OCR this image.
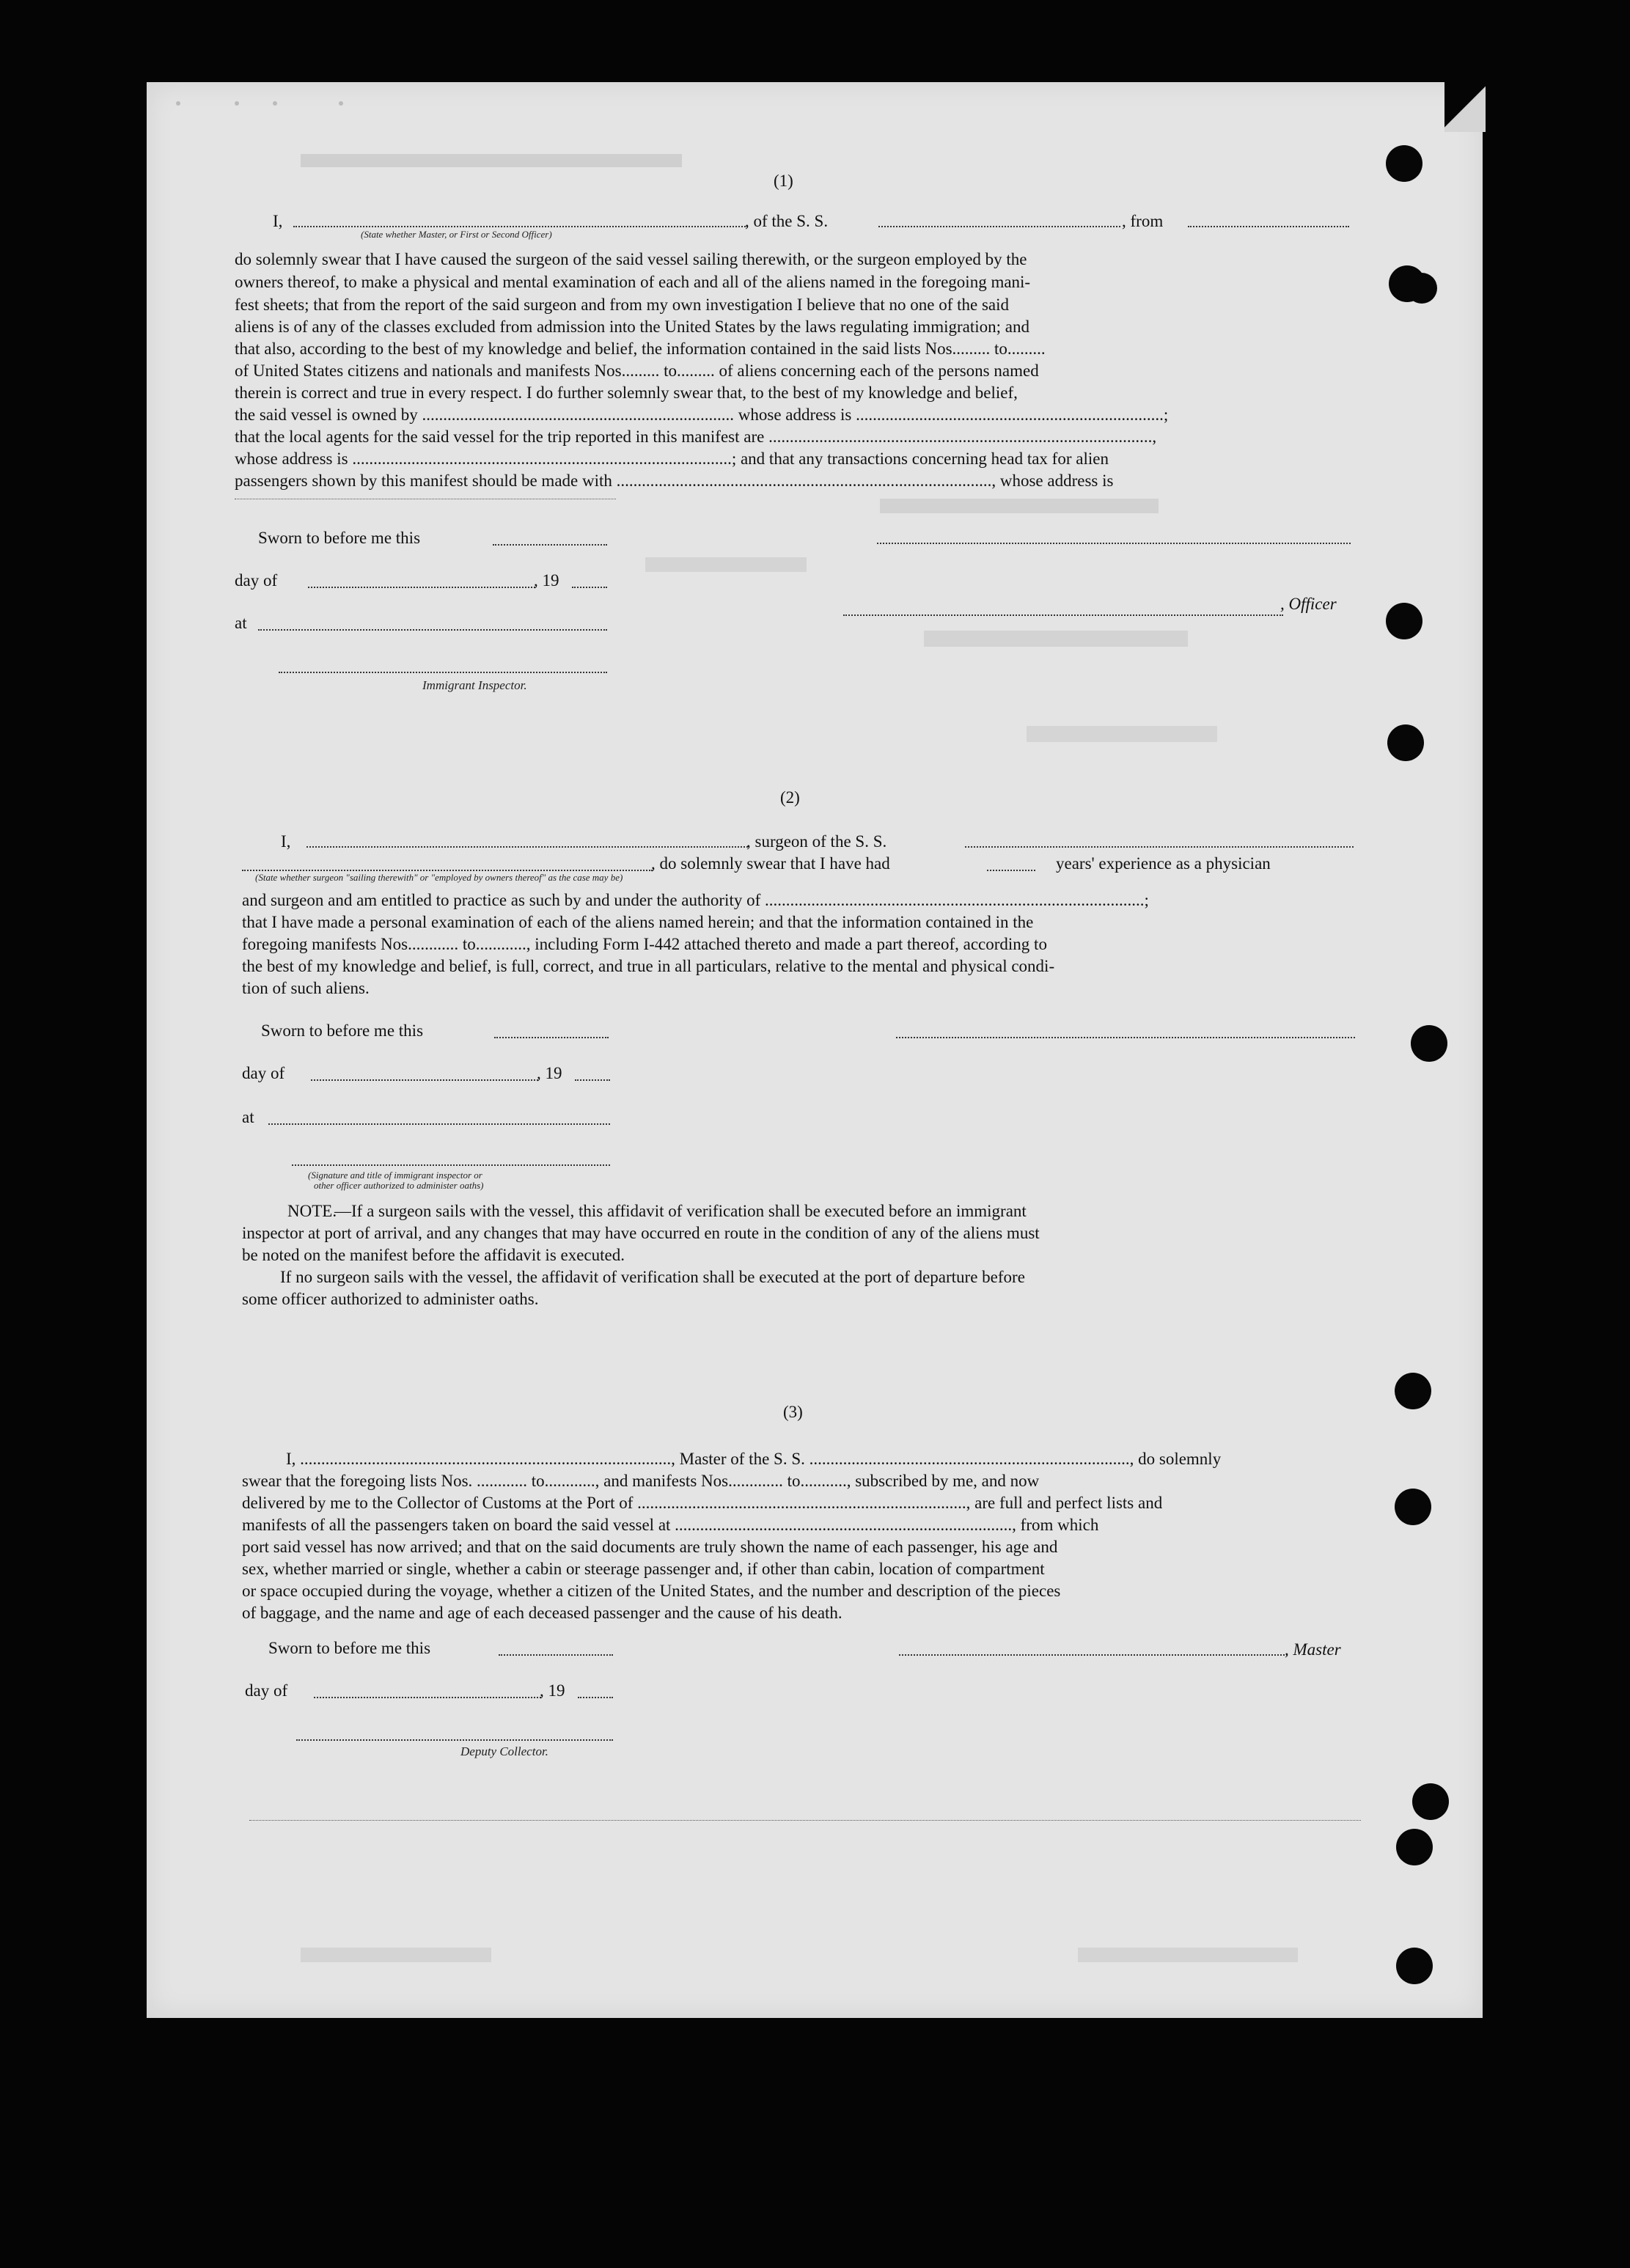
(1)
I,	, of the S. S.	, from
(State whether Master, or First or Second Officer)
do solemnly swear that I have caused the surgeon of the said vessel sailing therewith, or the surgeon employed by the
owners thereof, to make a physical and mental examination of each and all of the aliens named in the foregoing mani-
fest sheets; that from the report of the said surgeon and from my own investigation I believe that no one of the said
aliens is of any of the classes excluded from admission into the United States by the laws regulating immigration; and
that also, according to the best of my knowledge and belief, the information contained in the said lists Nos......... to.........
of United States citizens and nationals and manifests Nos......... to......... of aliens concerning each of the persons named
therein is correct and true in every respect. I do further solemnly swear that, to the best of my knowledge and belief,
the said vessel is owned by .......................................................................... whose address is .........................................................................;
that the local agents for the said vessel for the trip reported in this manifest are ...........................................................................................,
whose address is ..........................................................................................; and that any transactions concerning head tax for alien
passengers shown by this manifest should be made with ........................................................................................., whose address is
Sworn to before me this
day of	, 19
, Officer
at
Immigrant Inspector.
(2)
I,	, surgeon of the S. S.
, do solemnly swear that I have had	years' experience as a physician
(State whether surgeon "sailing therewith" or "employed by owners thereof" as the case may be)
and surgeon and am entitled to practice as such by and under the authority of ..........................................................................................;
that I have made a personal examination of each of the aliens named herein; and that the information contained in the
foregoing manifests Nos............ to............, including Form I-442 attached thereto and made a part thereof, according to
the best of my knowledge and belief, is full, correct, and true in all particulars, relative to the mental and physical condi-
tion of such aliens.
Sworn to before me this
day of	, 19
at
(Signature and title of immigrant inspector or
other officer authorized to administer oaths)
NOTE.
—If a surgeon sails with the vessel, this affidavit of verification shall be executed before an immigrant
inspector at port of arrival, and any changes that may have occurred en route in the condition of any of the aliens must
be noted on the manifest before the affidavit is executed.
If no surgeon sails with the vessel, the affidavit of verification shall be executed at the port of departure before
some officer authorized to administer oaths.
(3)
I, ........................................................................................, Master of the S. S. ............................................................................, do solemnly
swear that the foregoing lists Nos. ............ to............, and manifests Nos............. to..........., subscribed by me, and now
delivered by me to the Collector of Customs at the Port of .............................................................................., are full and perfect lists and
manifests of all the passengers taken on board the said vessel at ................................................................................, from which
port said vessel has now arrived; and that on the said documents are truly shown the name of each passenger, his age and
sex, whether married or single, whether a cabin or steerage passenger and, if other than cabin, location of compartment
or space occupied during the voyage, whether a citizen of the United States, and the number and description of the pieces
of baggage, and the name and age of each deceased passenger and the cause of his death.
Sworn to before me this	, Master
day of	, 19
Deputy Collector.
